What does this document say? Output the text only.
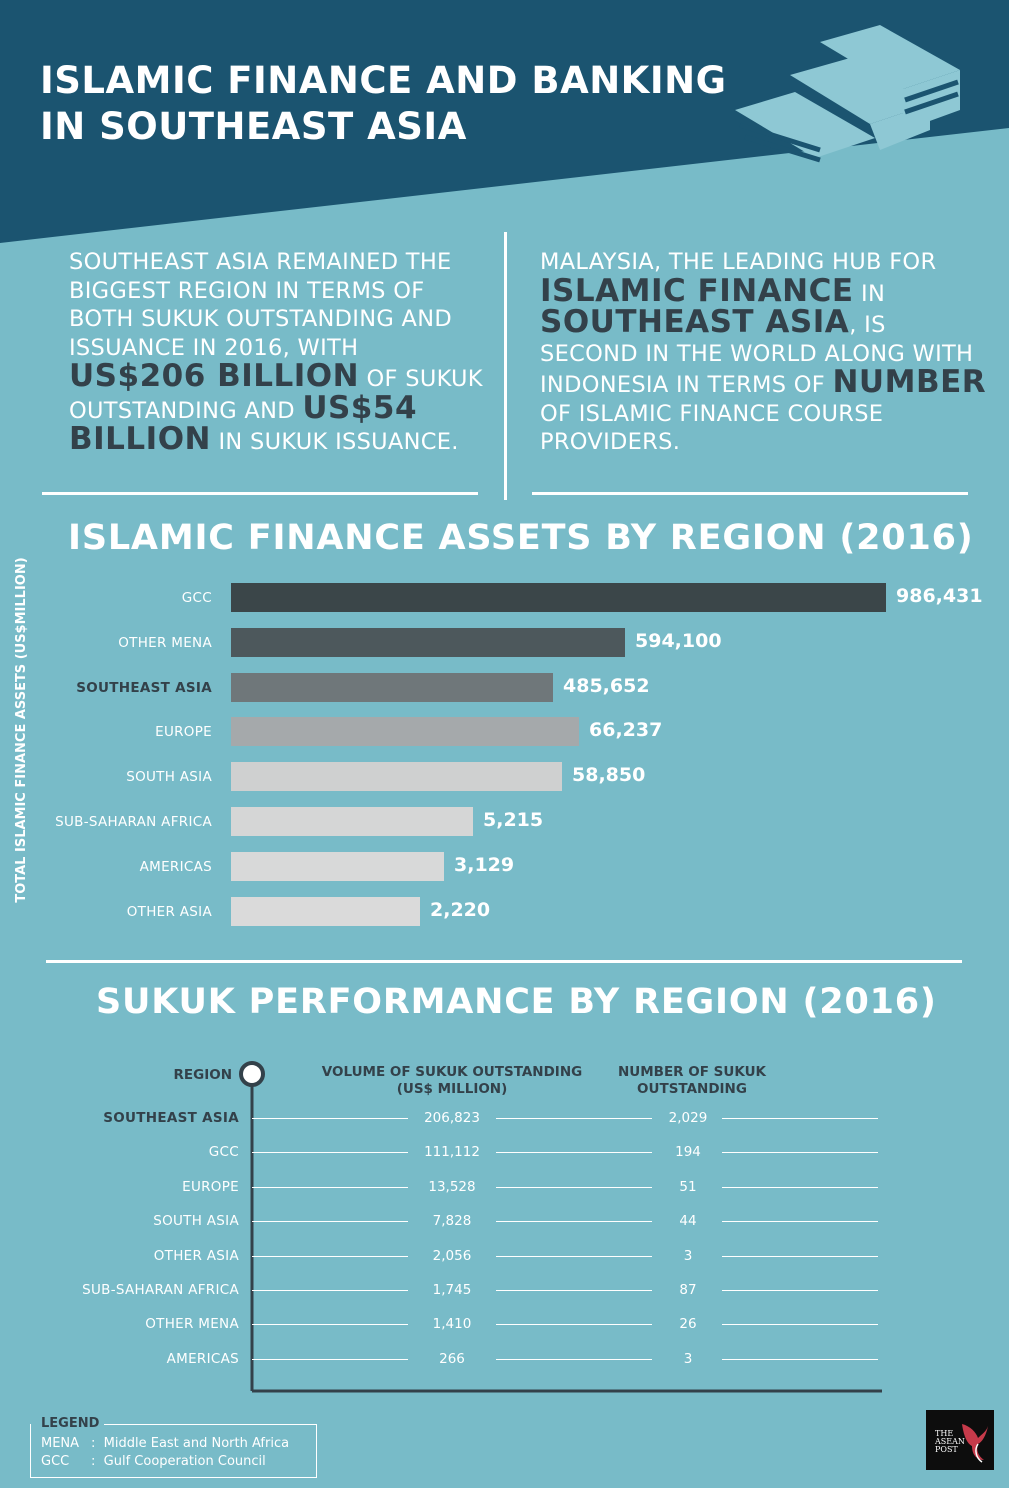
ISLAMIC FINANCE AND BANKING IN SOUTHEAST ASIA
SOUTHEAST ASIA REMAINED THE BIGGEST REGION IN TERMS OF BOTH SUKUK OUTSTANDING AND ISSUANCE IN 2016, WITH US$206 BILLION OF SUKUK OUTSTANDING AND US$54 BILLION IN SUKUK ISSUANCE.
MALAYSIA, THE LEADING HUB FOR ISLAMIC FINANCE IN
SOUTHEAST ASIA, IS SECOND IN THE WORLD ALONG WITH INDONESIA IN TERMS OF NUMBER OF ISLAMIC FINANCE COURSE PROVIDERS.
ISLAMIC FINANCE ASSETS BY REGION (2016)
TOTAL ISLAMIC FINANCE ASSETS (US$MILLION)	GCC	986,431
OTHER MENA	594,100
SOUTHEAST ASIA	485,652
EUROPE	66,237
SOUTH ASIA	58,850
SUB-SAHARAN AFRICA	5,215
AMERICAS	3,129
OTHER ASIA	2,220
SUKUK PERFORMANCE BY REGION (2016)
REGION	VOLUME OF SUKUK OUTSTANDING
(US$ MILLION)
NUMBER OF SUKUK
OUTSTANDING
SOUTHEAST ASIA	206,823	2,029
GCC	111,112	194
EUROPE	13,528	51
SOUTH ASIA	7,828	44
OTHER ASIA	2,056	3
SUB-SAHARAN AFRICA	1,745	87
OTHER MENA	1,410	26
AMERICAS	266	3
LEGEND
MENA : Middle East and North Africa
GCC : Gulf Cooperation Council
THE
ASEAN
POST
